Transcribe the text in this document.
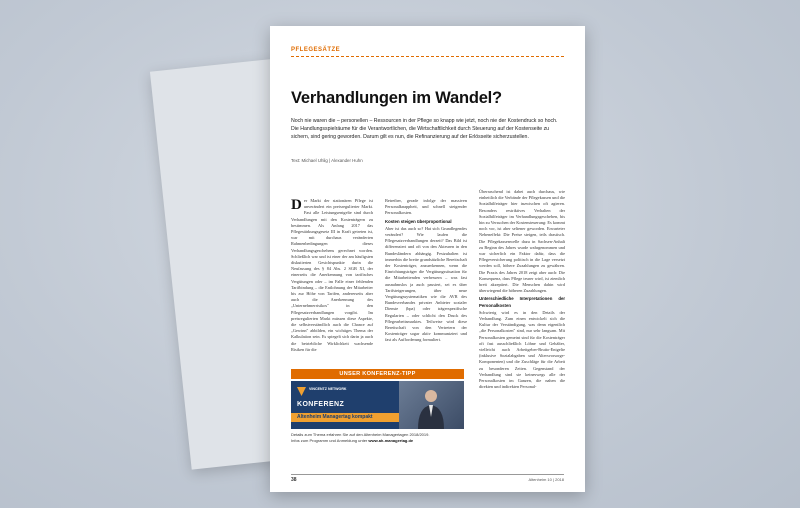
PFLEGESÄTZE
Verhandlungen im Wandel?
Noch nie waren die – personellen – Ressourcen in der Pflege so knapp wie jetzt, noch nie der Kostendruck so hoch. Die Handlungsspielräume für die Verantwortlichen, die Wirtschaftlichkeit durch Steuerung auf der Kostenseite zu sichern, sind gering geworden. Darum gilt es nun, die Refinanzierung auf der Erlösseite sicherzustellen.
Text: Michael Uhlig | Alexander Huhn
Der Markt der stationären Pflege ist unverändert ein preisregulierter Markt. Fast alle Leistungsentgelte sind durch Verhandlungen mit den Kostenträgern zu bestimmen. Als Anfang 2017 das Pflegestärkungsgesetz III in Kraft getreten ist, war mit durchaus veränderten Rahmenbedingungen dieses Verhandlungsgeschehens gerechnet worden. Schließlich war und ist einer der am häufigsten diskutierten Gesichtspunkte durin die Neufassung des § 84 Abs. 2 SGB XI, der einerseits die Anerkennung von tarifisches Vergütungen oder – im Falle einer fehlenden Tarifbindung – die Entlohnung der Mitarbeiter bis zur Höhe von Tarifen, andererseits aber auch die Anerkennung des „Unternehmerrisikos" in den Pflegesatzverhandlungen vorgibt. Im preisregulierten Markt müssen diese Aspekte, die selbstverständlich auch die Chance auf „Gewinn" abbilden, ein wichtiges Thema der Kalkulation sein. Es spiegelt sich darin ja auch die betriebliche Wirklichkeit wachsende Risiken für die
Betreiber, gerade infolge der massiven Personalknappheit, und schnell steigender Personalkosten.
Kosten steigen überproportional
Aber ist das auch so? Hat sich Grundlegendes verändert? Wie laufen die Pflegesatzverhandlungen derzeit? Das Bild ist differenziert und oft von den Akteuren in den Bundesländern abhängig. Festzuhalten ist immerhin die breite grundsätzliche Bereitschaft der Kostenträger, anzuerkennen, wenn die Einrichtungsträger die Vergütungssituation für die Mitarbeitenden verbessern – was fast ausnahmslos ja auch passiert, sei es über Tarifsteigerungen, über neue Vergütungssystematiken wie die AVR des Bundesverbandes privater Anbieter sozialer Dienste (bpa) oder trägerspezifische Regularien – oder schlicht den Druck des Pflegearbeitsmarktes. Teilweise wird diese Bereitschaft von den Vertretern der Kostenträger sogar aktiv kommuniziert und fast als Aufforderung formuliert.
Überraschend ist dabei auch durchaus, wie einheitlich die Verbände der Pflegekassen und die Sozialhilfeträger hier inzwischen oft agieren. Besonders restriktives Verhalten der Sozialhilfeträger im Verhandlungsgeschehen, bis hin zu Versuchen der Kostensteuerung: Es kommt noch vor, ist aber seltener geworden. Erwarteter Nebeneffekt: Die Preise steigen, teils drastisch. Die Pflegekassenwelle dazu in Sachsen-Anhalt zu Beginn des Jahres wurde wahrgenommen und war sicherlich ein Faktor dafür, dass die Pflegeversicherung politisch in die Lage versetzt werden soll, höhere Zuzahlungen zu gewähren. Die Praxis des Jahres 2018 zeigt aber auch: Die Konsequenz, dass Pflege teurer wird, ist ziemlich breit akzeptiert. Die Menschen dahin wird überwiegend die höheren Zuzahlungen.
Unterschiedliche Interpretationen der Personalkosten
Schwierig wird es in den Details der Verhandlung. Zum einen entwickelt sich die Kultur der Verständigung, was denn eigentlich „die Personalkosten" sind, nur sehr langsam. Mit Personalkosten gemeint sind für die Kostenträger oft fast ausschließlich Löhne und Gehälter, vielleicht auch Arbeitgeber-Brutto-Entgelte (inklusive Sozialabgaben und Altersvorsorge-Komponenten) und die Zuschläge für die Arbeit zu besonderen Zeiten. Gegenstand der Verhandlung sind sie keineswegs alle der Personalkosten im Ganzen, die nahen die direkten und indirekten Personal-
UNSER KONFERENZ-TIPP
VINCENTZ NETWORK
KONFERENZ
Altenheim Managertag kompakt
Details zum Thema erfahren Sie auf den Altenheim Managertagen 2018/2019.
Infos zum Programm und Anmeldung unter www.ah-managertag.de
38	Altenheim 10 | 2018
